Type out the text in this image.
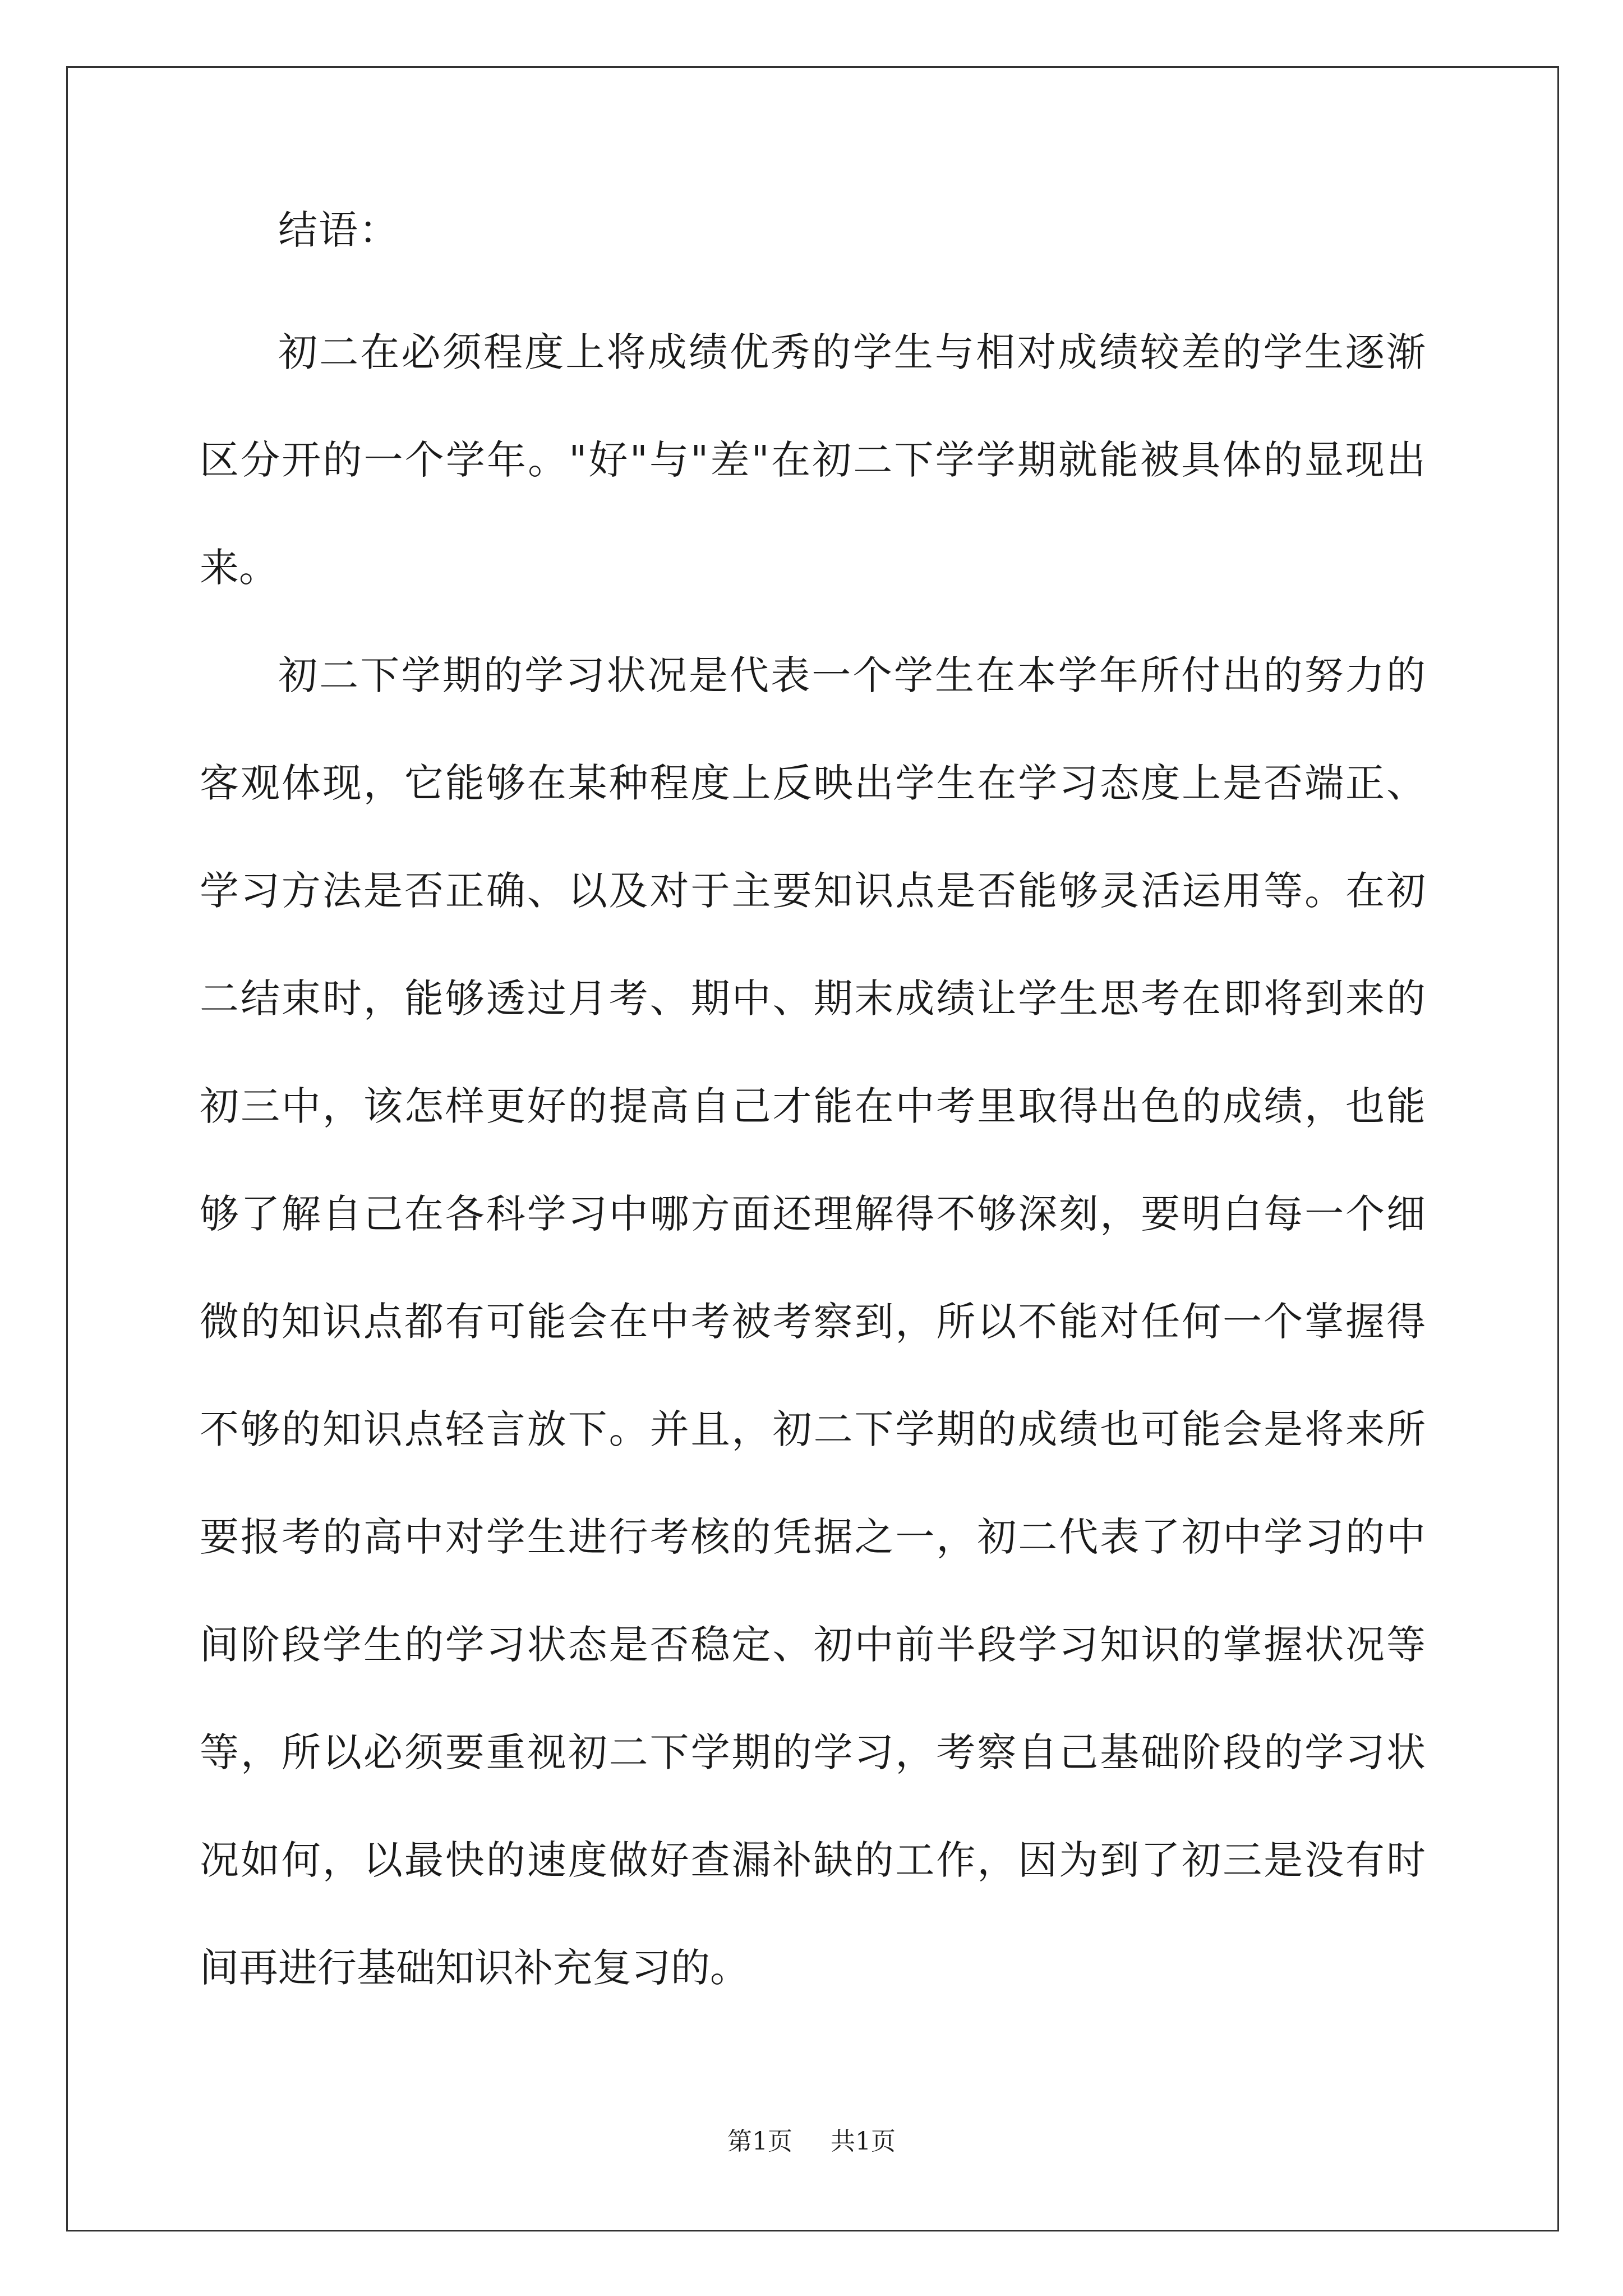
结语：
初二在必须程度上将成绩优秀的学生与相对成绩较差的学生逐渐
区分开的一个学年。"好"与"差"在初二下学学期就能被具体的显现出
来。
初二下学期的学习状况是代表一个学生在本学年所付出的努力的
客观体现，它能够在某种程度上反映出学生在学习态度上是否端正、
学习方法是否正确、以及对于主要知识点是否能够灵活运用等。在初
二结束时，能够透过月考、期中、期末成绩让学生思考在即将到来的
初三中，该怎样更好的提高自己才能在中考里取得出色的成绩，也能
够了解自己在各科学习中哪方面还理解得不够深刻，要明白每一个细
微的知识点都有可能会在中考被考察到，所以不能对任何一个掌握得
不够的知识点轻言放下。并且，初二下学期的成绩也可能会是将来所
要报考的高中对学生进行考核的凭据之一，初二代表了初中学习的中
间阶段学生的学习状态是否稳定、初中前半段学习知识的掌握状况等
等，所以必须要重视初二下学期的学习，考察自己基础阶段的学习状
况如何，以最快的速度做好查漏补缺的工作，因为到了初三是没有时
间再进行基础知识补充复习的。
第1页 共1页
